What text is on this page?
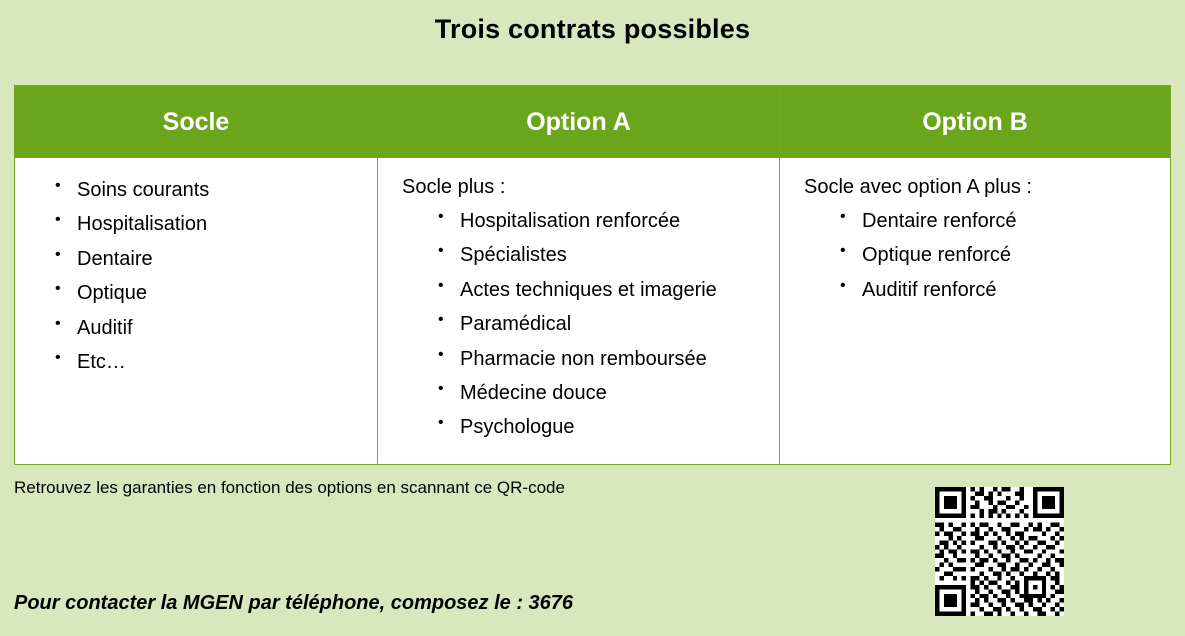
Trois contrats possibles
Socle
• Soins courants
• Hospitalisation
• Dentaire
• Optique
• Auditif
• Etc…
Option A

Socle plus :

• Hospitalisation renforcée
• Spécialistes
• Actes techniques et imagerie
• Paramédical
• Pharmacie non remboursée
• Médecine douce
• Psychologue
Option B

Socle avec option A plus :

• Dentaire renforcé
• Optique renforcé
• Auditif renforcé
Retrouvez les garanties en fonction des options en scannant ce QR-code
Pour contacter la MGEN par téléphone, composez le : 3676
